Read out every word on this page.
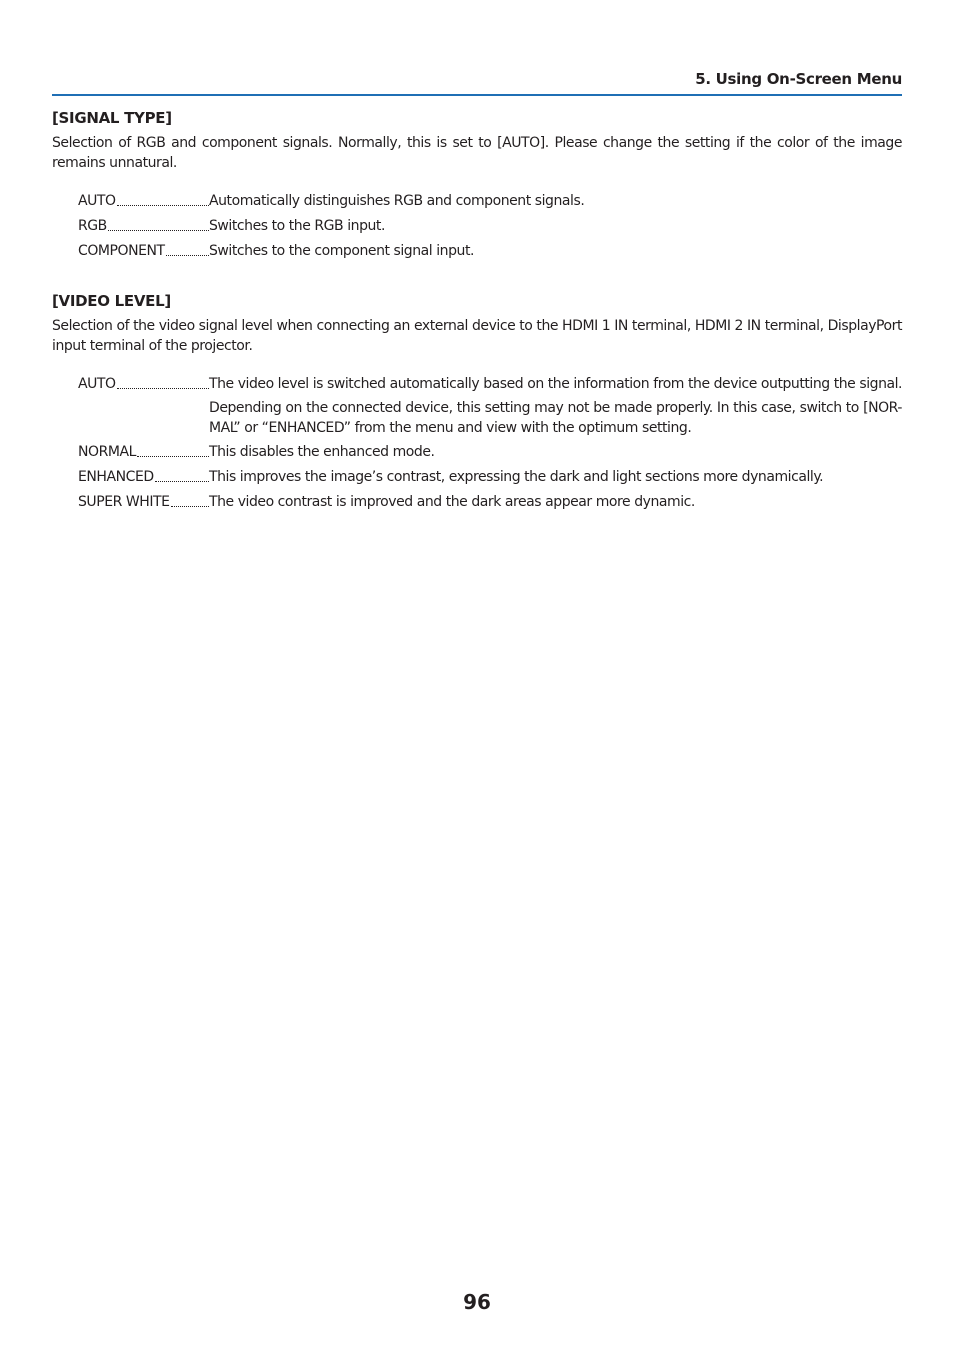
5. Using On-Screen Menu
[SIGNAL TYPE]

Selection of RGB and component signals. Normally, this is set to [AUTO]. Please change the setting if the color of the image remains unnatural.

AUTO	Automatically distinguishes RGB and component signals.
RGB	Switches to the RGB input.
COMPONENT	Switches to the component signal input.
[VIDEO LEVEL]

Selection of the video signal level when connecting an external device to the HDMI 1 IN terminal, HDMI 2 IN terminal, DisplayPort input terminal of the projector.

AUTO	The video level is switched automatically based on the information from the device outputting the signal.
Depending on the connected device, this setting may not be made properly. In this case, switch to [NOR-MAL” or “ENHANCED” from the menu and view with the optimum setting.
NORMAL	This disables the enhanced mode.
ENHANCED	This improves the image’s contrast, expressing the dark and light sections more dynamically.
SUPER WHITE	The video contrast is improved and the dark areas appear more dynamic.
96
